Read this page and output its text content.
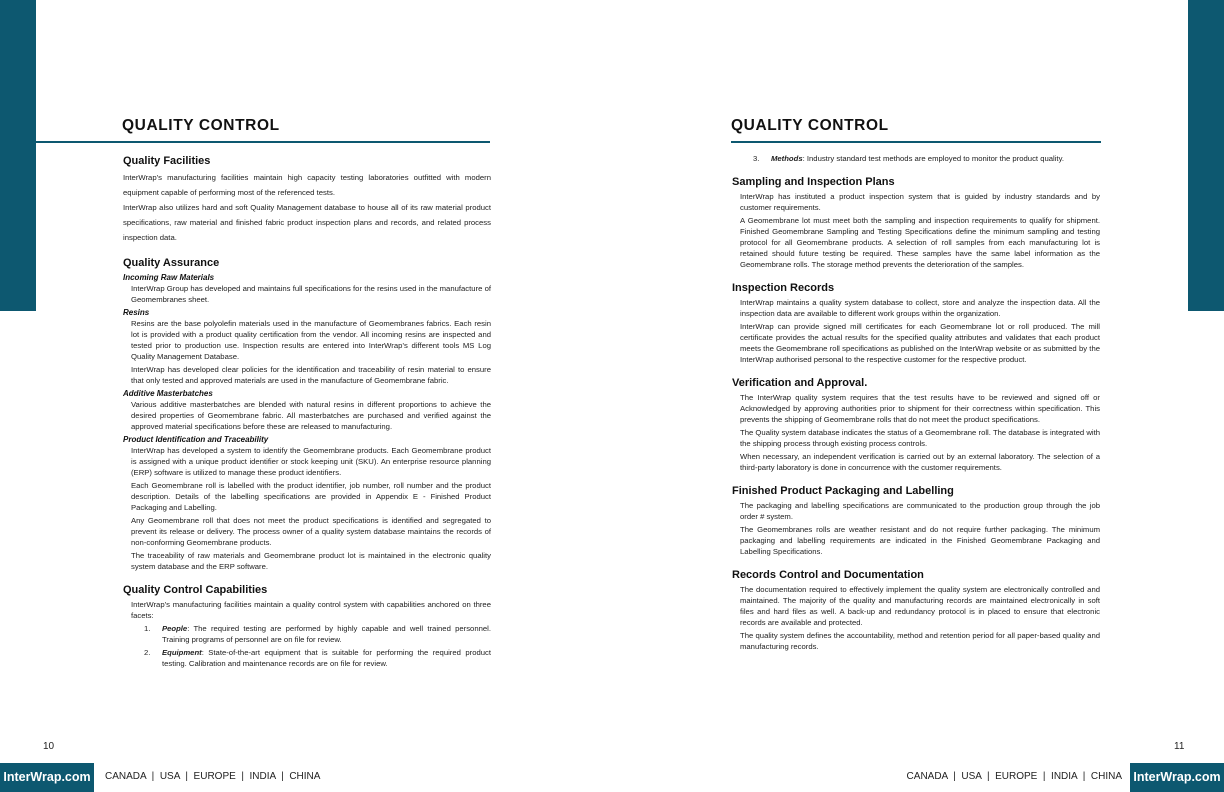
QUALITY CONTROL
Quality Facilities
InterWrap’s manufacturing facilities maintain high capacity testing laboratories outfitted with modern equipment capable of performing most of the referenced tests.
InterWrap also utilizes hard and soft Quality Management database to house all of its raw material product specifications, raw material and finished fabric product inspection plans and records, and related process inspection data.
Quality Assurance
Incoming Raw Materials
InterWrap Group has developed and maintains full specifications for the resins used in the manufacture of Geomembranes sheet.
Resins
Resins are the base polyolefin materials used in the manufacture of Geomembranes fabrics. Each resin lot is provided with a product quality certification from the vendor. All incoming resins are inspected and tested prior to production use. Inspection results are entered into InterWrap’s different tools MS Log Quality Management Database.
InterWrap has developed clear policies for the identification and traceability of resin material to ensure that only tested and approved materials are used in the manufacture of Geomembrane fabric.
Additive Masterbatches
Various additive masterbatches are blended with natural resins in different proportions to achieve the desired properties of Geomembrane fabric. All masterbatches are purchased and verified against the approved material specifications before these are released to manufacturing.
Product Identification and Traceability
InterWrap has developed a system to identify the Geomembrane products. Each Geomembrane product is assigned with a unique product identifier or stock keeping unit (SKU). An enterprise resource planning (ERP) software is utilized to manage these product identifiers.
Each Geomembrane roll is labelled with the product identifier, job number, roll number and the product description. Details of the labelling specifications are provided in Appendix E - Finished Product Packaging and Labelling.
Any Geomembrane roll that does not meet the product specifications is identified and segregated to prevent its release or delivery. The process owner of a quality system database maintains the records of non-conforming Geomembrane products.
The traceability of raw materials and Geomembrane product lot is maintained in the electronic quality system database and the ERP software.
Quality Control Capabilities
InterWrap’s manufacturing facilities maintain a quality control system with capabilities anchored on three facets:
1. People: The required testing are performed by highly capable and well trained personnel. Training programs of personnel are on file for review.
2. Equipment: State-of-the-art equipment that is suitable for performing the required product testing. Calibration and maintenance records are on file for review.
10
QUALITY CONTROL
3. Methods: Industry standard test methods are employed to monitor the product quality.
Sampling and Inspection Plans
InterWrap has instituted a product inspection system that is guided by industry standards and by customer requirements.
A Geomembrane lot must meet both the sampling and inspection requirements to qualify for shipment. Finished Geomembrane Sampling and Testing Specifications define the minimum sampling and testing protocol for all Geomembrane products. A selection of roll samples from each manufacturing lot is retained should future testing be required. These samples have the same label information as the Geomembrane rolls. The storage method prevents the deterioration of the samples.
Inspection Records
InterWrap maintains a quality system database to collect, store and analyze the inspection data. All the inspection data are available to different work groups within the organization.
InterWrap can provide signed mill certificates for each Geomembrane lot or roll produced. The mill certificate provides the actual results for the specified quality attributes and validates that each product meets the Geomembrane roll specifications as published on the InterWrap website or as submitted by the InterWrap authorised personal to the respective customer for the respective product.
Verification and Approval.
The InterWrap quality system requires that the test results have to be reviewed and signed off or Acknowledged by approving authorities prior to shipment for their correctness within specification. This prevents the shipping of Geomembrane rolls that do not meet the product specifications.
The Quality system database indicates the status of a Geomembrane roll. The database is integrated with the shipping process through existing process controls.
When necessary, an independent verification is carried out by an external laboratory. The selection of a third-party laboratory is done in concurrence with the customer requirements.
Finished Product Packaging and Labelling
The packaging and labelling specifications are communicated to the production group through the job order # system.
The Geomembranes rolls are weather resistant and do not require further packaging. The minimum packaging and labelling requirements are indicated in the Finished Geomembrane Packaging and Labelling Specifications.
Records Control and Documentation
The documentation required to effectively implement the quality system are electronically controlled and maintained. The majority of the quality and manufacturing records are maintained electronically in soft files and hard files as well. A back-up and redundancy protocol is in placed to ensure that electronic records are available and protected.
The quality system defines the accountability, method and retention period for all paper-based quality and manufacturing records.
11
InterWrap.com	CANADA  |  USA  |  EUROPE  |  INDIA  |  CHINA	CANADA  |  USA  |  EUROPE  |  INDIA  |  CHINA InterWrap.com
